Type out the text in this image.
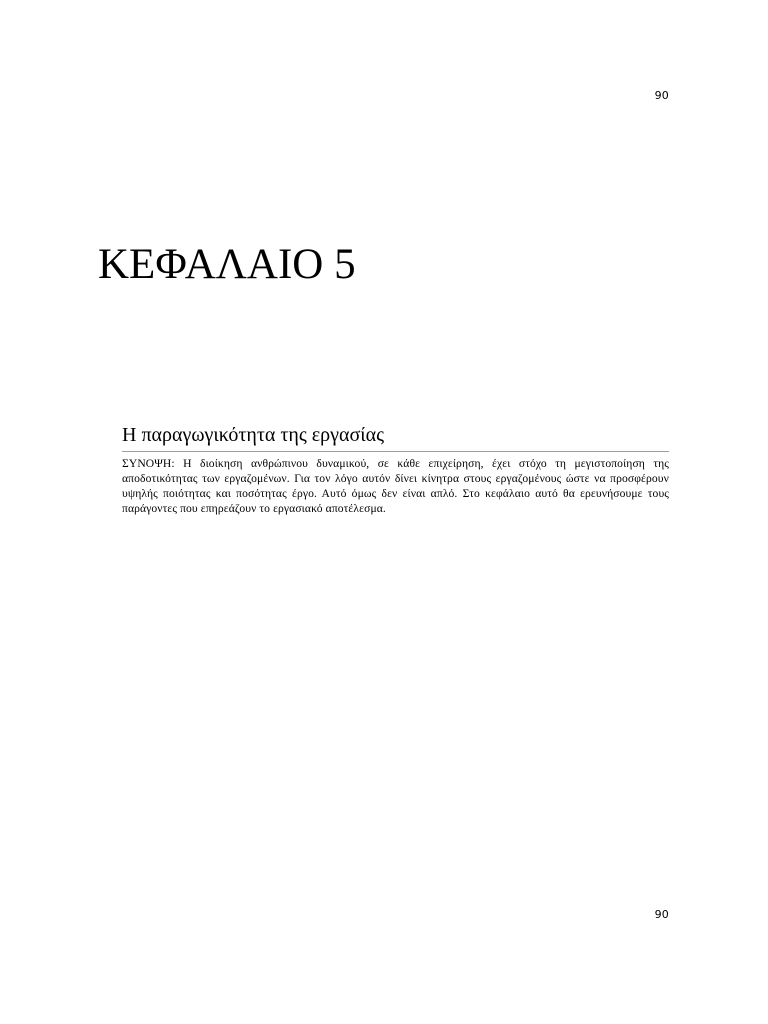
90
ΚΕΦΑΛΑΙΟ 5
Η παραγωγικότητα της εργασίας

ΣΥΝΟΨΗ: Η διοίκηση ανθρώπινου δυναμικού, σε κάθε επιχείρηση, έχει στόχο τη μεγιστοποίηση της αποδοτικότητας των εργαζομένων. Για τον λόγο αυτόν δίνει κίνητρα στους εργαζομένους ώστε να προσφέρουν υψηλής ποιότητας και ποσότητας έργο. Αυτό όμως δεν είναι απλό. Στο κεφάλαιο αυτό θα ερευνήσουμε τους παράγοντες που επηρεάζουν το εργασιακό αποτέλεσμα.

90
